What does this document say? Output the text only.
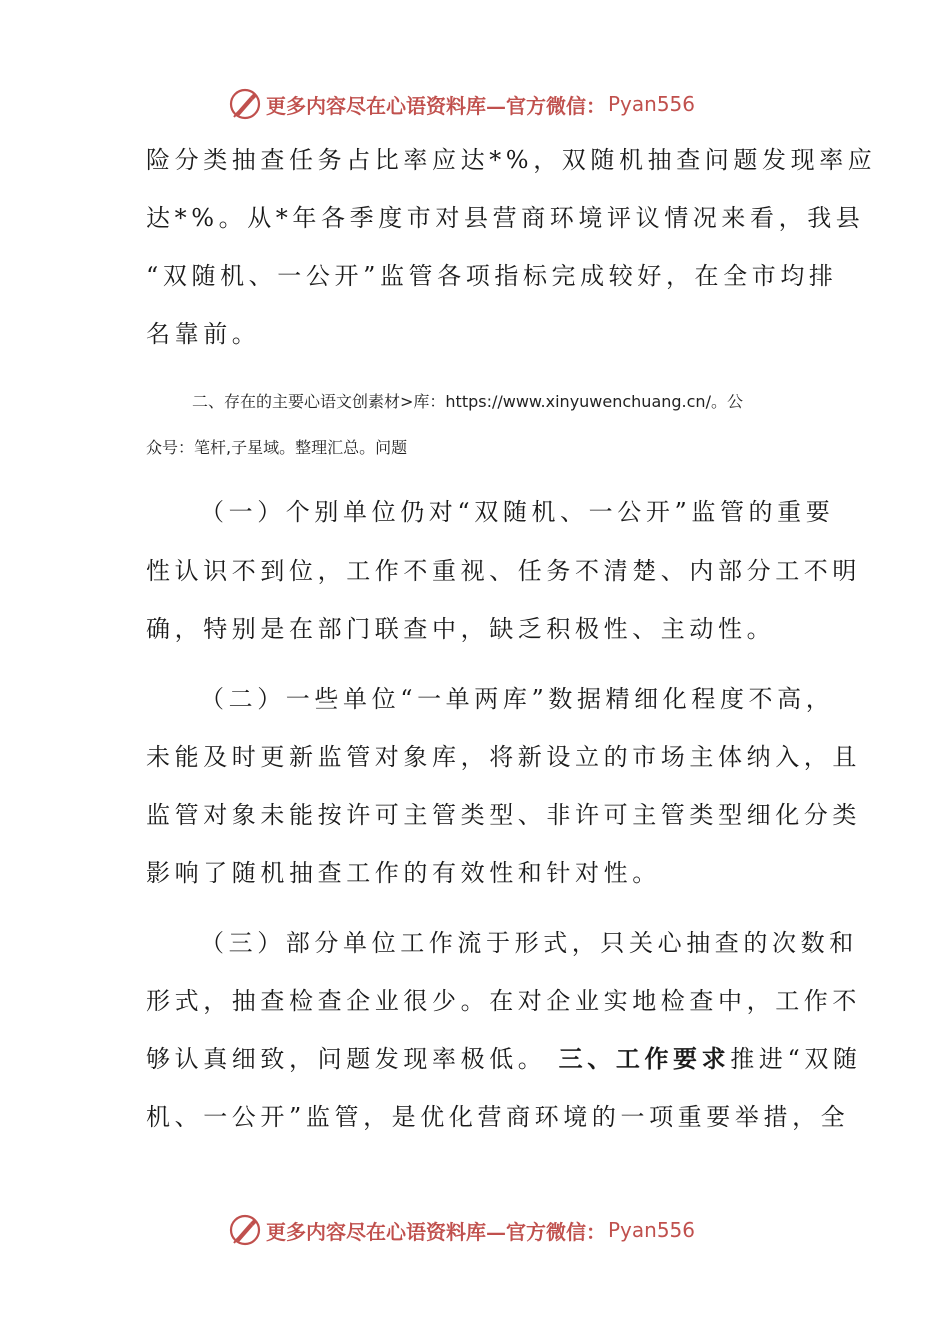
更多内容尽在心语资料库—官方微信： Pyan556
险分类抽查任务占比率应达*%，双随机抽查问题发现率应
达*%。从*年各季度市对县营商环境评议情况来看，我县
“双随机、一公开”监管各项指标完成较好，在全市均排
名靠前。
二、存在的主要心语文创素材>库：https://www.xinyuwenchuang.cn/。公
众号：笔杆,子星域。整理汇总。问题
（一）个别单位仍对“双随机、一公开”监管的重要
性认识不到位，工作不重视、任务不清楚、内部分工不明
确，特别是在部门联查中，缺乏积极性、主动性。
（二）一些单位“一单两库”数据精细化程度不高，
未能及时更新监管对象库，将新设立的市场主体纳入，且
监管对象未能按许可主管类型、非许可主管类型细化分类
影响了随机抽查工作的有效性和针对性。
（三）部分单位工作流于形式，只关心抽查的次数和
形式，抽查检查企业很少。在对企业实地检查中，工作不
够认真细致，问题发现率极低。 三、工作要求推进“双随
机、一公开”监管，是优化营商环境的一项重要举措，全
更多内容尽在心语资料库—官方微信： Pyan556
